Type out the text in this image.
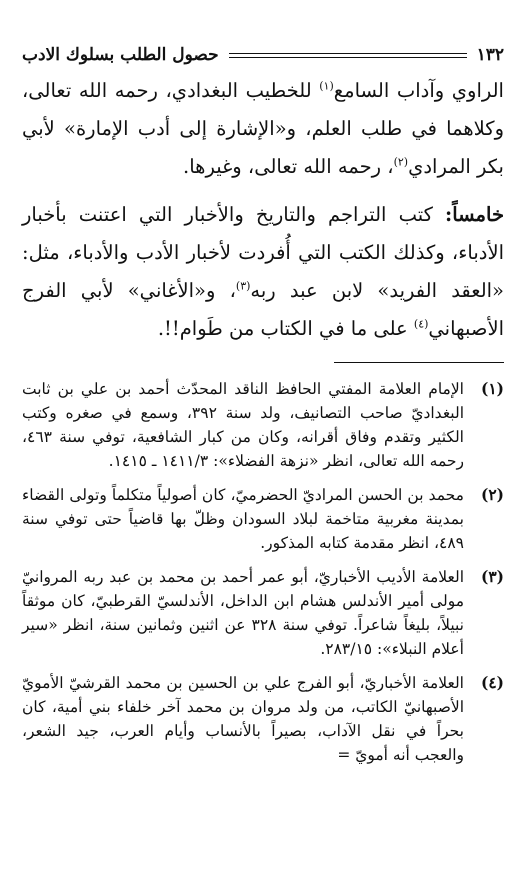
١٣٢
حصول الطلب بسلوك الادب

الراوي وآداب السامع$^{(١)}$ للخطيب البغدادي، رحمه الله تعالى، وكلاهما في طلب العلم، و«الإشارة إلى أدب الإمارة» لأبي بكر المرادي$^{(٢)}$، رحمه الله تعالى، وغيرها.

خامساً: كتب التراجم والتاريخ والأخبار التي اعتنت بأخبار الأدباء، وكذلك الكتب التي أُفردت لأخبار الأدب والأدباء، مثل: «العقد الفريد» لابن عبد ربه$^{(٣)}$، و«الأغاني» لأبي الفرج الأصبهاني$^{(٤)}$ على ما في الكتاب من طَوام!!.

(١)
الإمام العلامة المفتي الحافظ الناقد المحدّث أحمد بن علي بن ثابت البغداديّ صاحب التصانيف، ولد سنة ٣٩٢، وسمع في صغره وكتب الكثير وتقدم وفاق أقرانه، وكان من كبار الشافعية، توفي سنة ٤٦٣، رحمه الله تعالى، انظر «نزهة الفضلاء»: ١٤١١/٣ ـ ١٤١٥.
(٢)
محمد بن الحسن المراديّ الحضرميّ، كان أصولياً متكلماً وتولى القضاء بمدينة مغربية متاخمة لبلاد السودان وظلّ بها قاضياً حتى توفي سنة ٤٨٩، انظر مقدمة كتابه المذكور.
(٣)
العلامة الأديب الأخباريّ، أبو عمر أحمد بن محمد بن عبد ربه المروانيّ مولى أمير الأندلس هشام ابن الداخل، الأندلسيّ القرطبيّ، كان موثقاً نبيلاً، بليغاً شاعراً. توفي سنة ٣٢٨ عن اثنين وثمانين سنة، انظر «سير أعلام النبلاء»: ٢٨٣/١٥.
(٤)
العلامة الأخباريّ، أبو الفرج علي بن الحسين بن محمد القرشيّ الأمويّ الأصبهانيّ الكاتب، من ولد مروان بن محمد آخر خلفاء بني أمية، كان بحراً في نقل الآداب، بصيراً بالأنساب وأيام العرب، جيد الشعر، والعجب أنه أمويّ =
